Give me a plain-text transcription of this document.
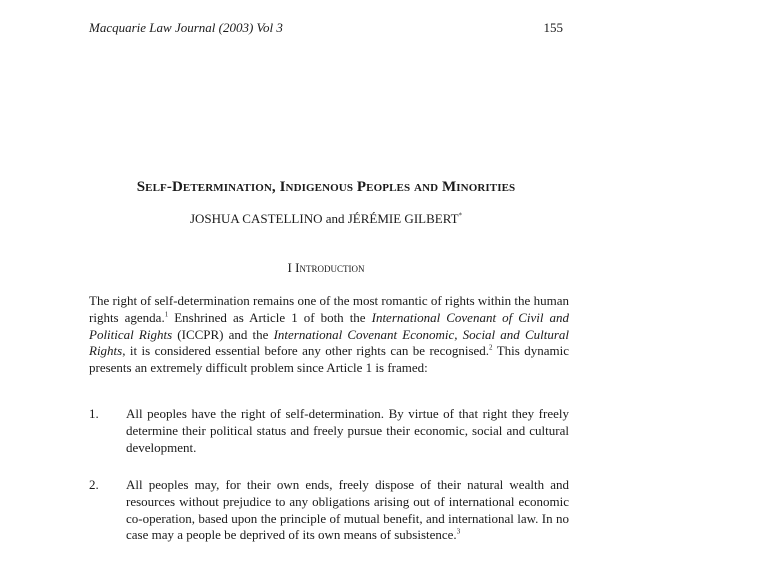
Macquarie Law Journal (2003) Vol 3	155
Self-Determination, Indigenous Peoples and Minorities
JOSHUA CASTELLINO and JÉRÉMIE GILBERT*
I Introduction
The right of self-determination remains one of the most romantic of rights within the human rights agenda.$^1$ Enshrined as Article 1 of both the International Covenant of Civil and Political Rights (ICCPR) and the International Covenant Economic, Social and Cultural Rights, it is considered essential before any other rights can be recognised.$^2$ This dynamic presents an extremely difficult problem since Article 1 is framed:
1. All peoples have the right of self-determination. By virtue of that right they freely determine their political status and freely pursue their economic, social and cultural development.
2. All peoples may, for their own ends, freely dispose of their natural wealth and resources without prejudice to any obligations arising out of international economic co-operation, based upon the principle of mutual benefit, and international law. In no case may a people be deprived of its own means of subsistence.$^3$
